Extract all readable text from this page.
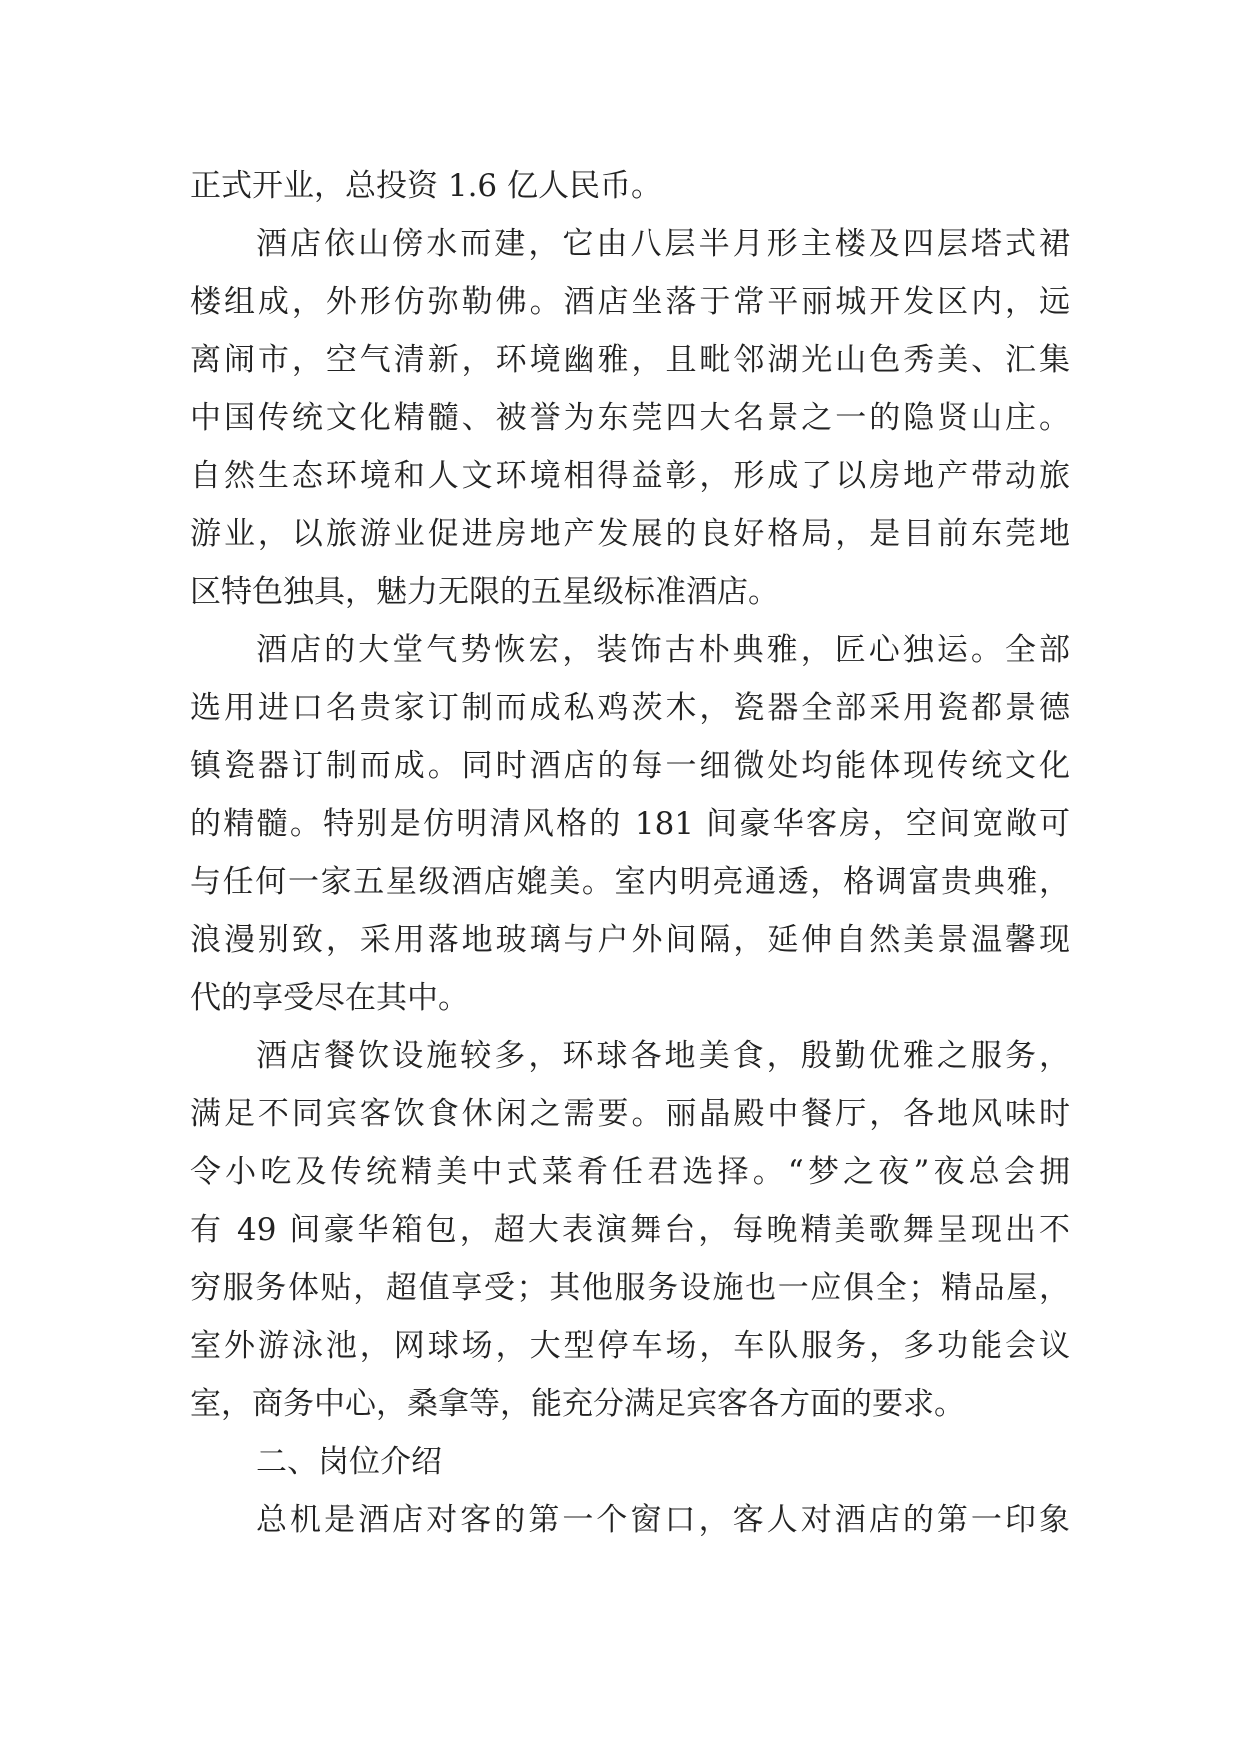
正式开业，总投资 1.6 亿人民币。
酒店依山傍水而建，它由八层半月形主楼及四层塔式裙
楼组成，外形仿弥勒佛。酒店坐落于常平丽城开发区内，远
离闹市，空气清新，环境幽雅，且毗邻湖光山色秀美、汇集
中国传统文化精髓、被誉为东莞四大名景之一的隐贤山庄。
自然生态环境和人文环境相得益彰，形成了以房地产带动旅
游业，以旅游业促进房地产发展的良好格局，是目前东莞地
区特色独具，魅力无限的五星级标准酒店。
酒店的大堂气势恢宏，装饰古朴典雅，匠心独运。全部
选用进口名贵家订制而成私鸡茨木，瓷器全部采用瓷都景德
镇瓷器订制而成。同时酒店的每一细微处均能体现传统文化
的精髓。特别是仿明清风格的 181 间豪华客房，空间宽敞可
与任何一家五星级酒店媲美。室内明亮通透，格调富贵典雅，
浪漫别致，采用落地玻璃与户外间隔，延伸自然美景温馨现
代的享受尽在其中。
酒店餐饮设施较多，环球各地美食，殷勤优雅之服务，
满足不同宾客饮食休闲之需要。丽晶殿中餐厅，各地风味时
令小吃及传统精美中式菜肴任君选择。“梦之夜”夜总会拥
有 49 间豪华箱包，超大表演舞台，每晚精美歌舞呈现出不
穷服务体贴，超值享受；其他服务设施也一应俱全；精品屋，
室外游泳池，网球场，大型停车场，车队服务，多功能会议
室，商务中心，桑拿等，能充分满足宾客各方面的要求。
二、岗位介绍
总机是酒店对客的第一个窗口，客人对酒店的第一印象
